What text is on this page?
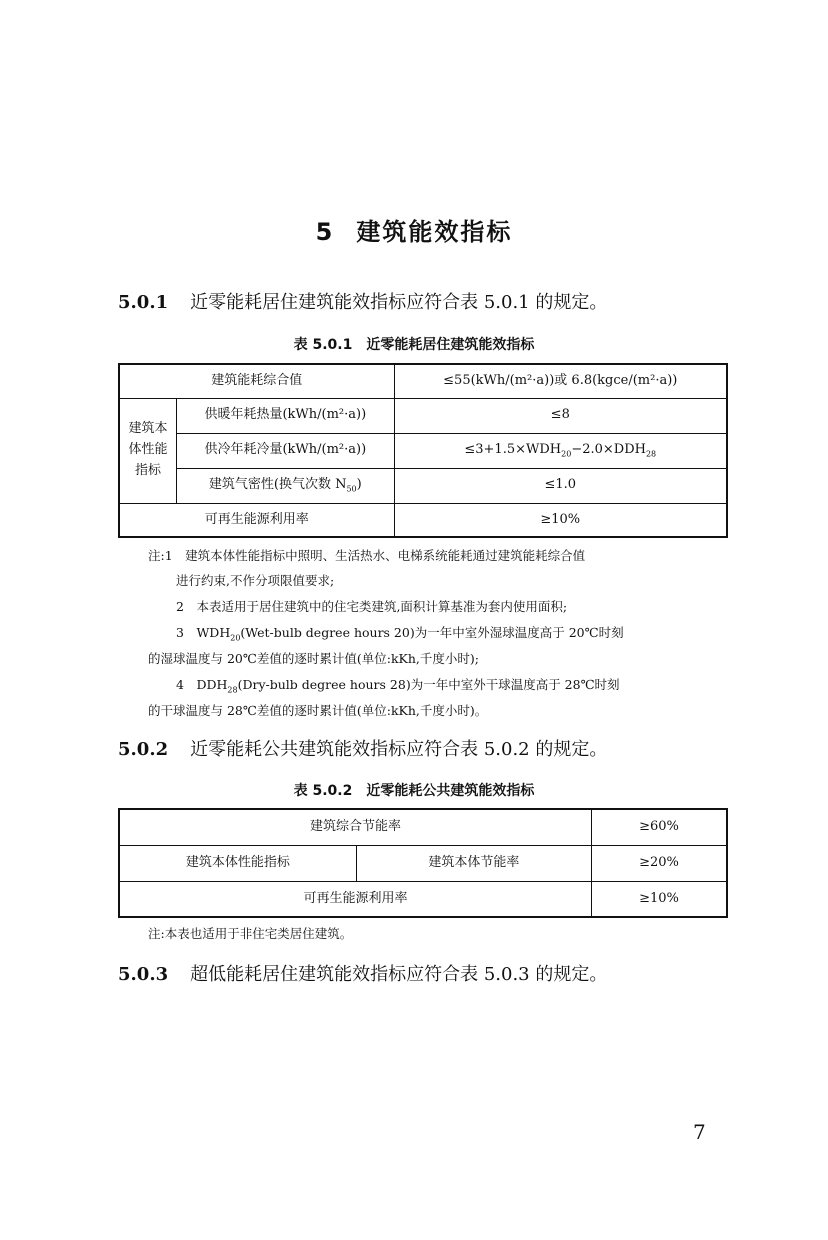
5 建筑能效指标
5.0.1 近零能耗居住建筑能效指标应符合表 5.0.1 的规定。
表 5.0.1 近零能耗居住建筑能效指标
建筑能耗综合值		≤55(kWh/(m²·a))或 6.8(kgce/(m²·a))
建筑本
体性能
指标	供暖年耗热量(kWh/(m²·a))	≤8
	供冷年耗冷量(kWh/(m²·a))	$\le 3+1.5\times WDH_{20}-2.0\times DDH_{28}$
	建筑气密性(换气次数 $N_{50}$)	≤1.0
可再生能源利用率		≥10%
注:1　建筑本体性能指标中照明、生活热水、电梯系统能耗通过建筑能耗综合值
进行约束,不作分项限值要求;
2　本表适用于居住建筑中的住宅类建筑,面积计算基准为套内使用面积;
3　$WDH_{20}(Wet$-bulb degree hours 20)为一年中室外湿球温度高于 20℃时刻
的湿球温度与 20℃差值的逐时累计值(单位:kKh,千度小时);
4　$DDH_{28}(Dry$-bulb degree hours 28)为一年中室外干球温度高于 28℃时刻
的干球温度与 28℃差值的逐时累计值(单位:kKh,千度小时)。
5.0.2 近零能耗公共建筑能效指标应符合表 5.0.2 的规定。
表 5.0.2 近零能耗公共建筑能效指标
建筑综合节能率		≥60%
建筑本体性能指标	建筑本体节能率	≥20%
可再生能源利用率		≥10%
注:本表也适用于非住宅类居住建筑。
5.0.3 超低能耗居住建筑能效指标应符合表 5.0.3 的规定。
7
